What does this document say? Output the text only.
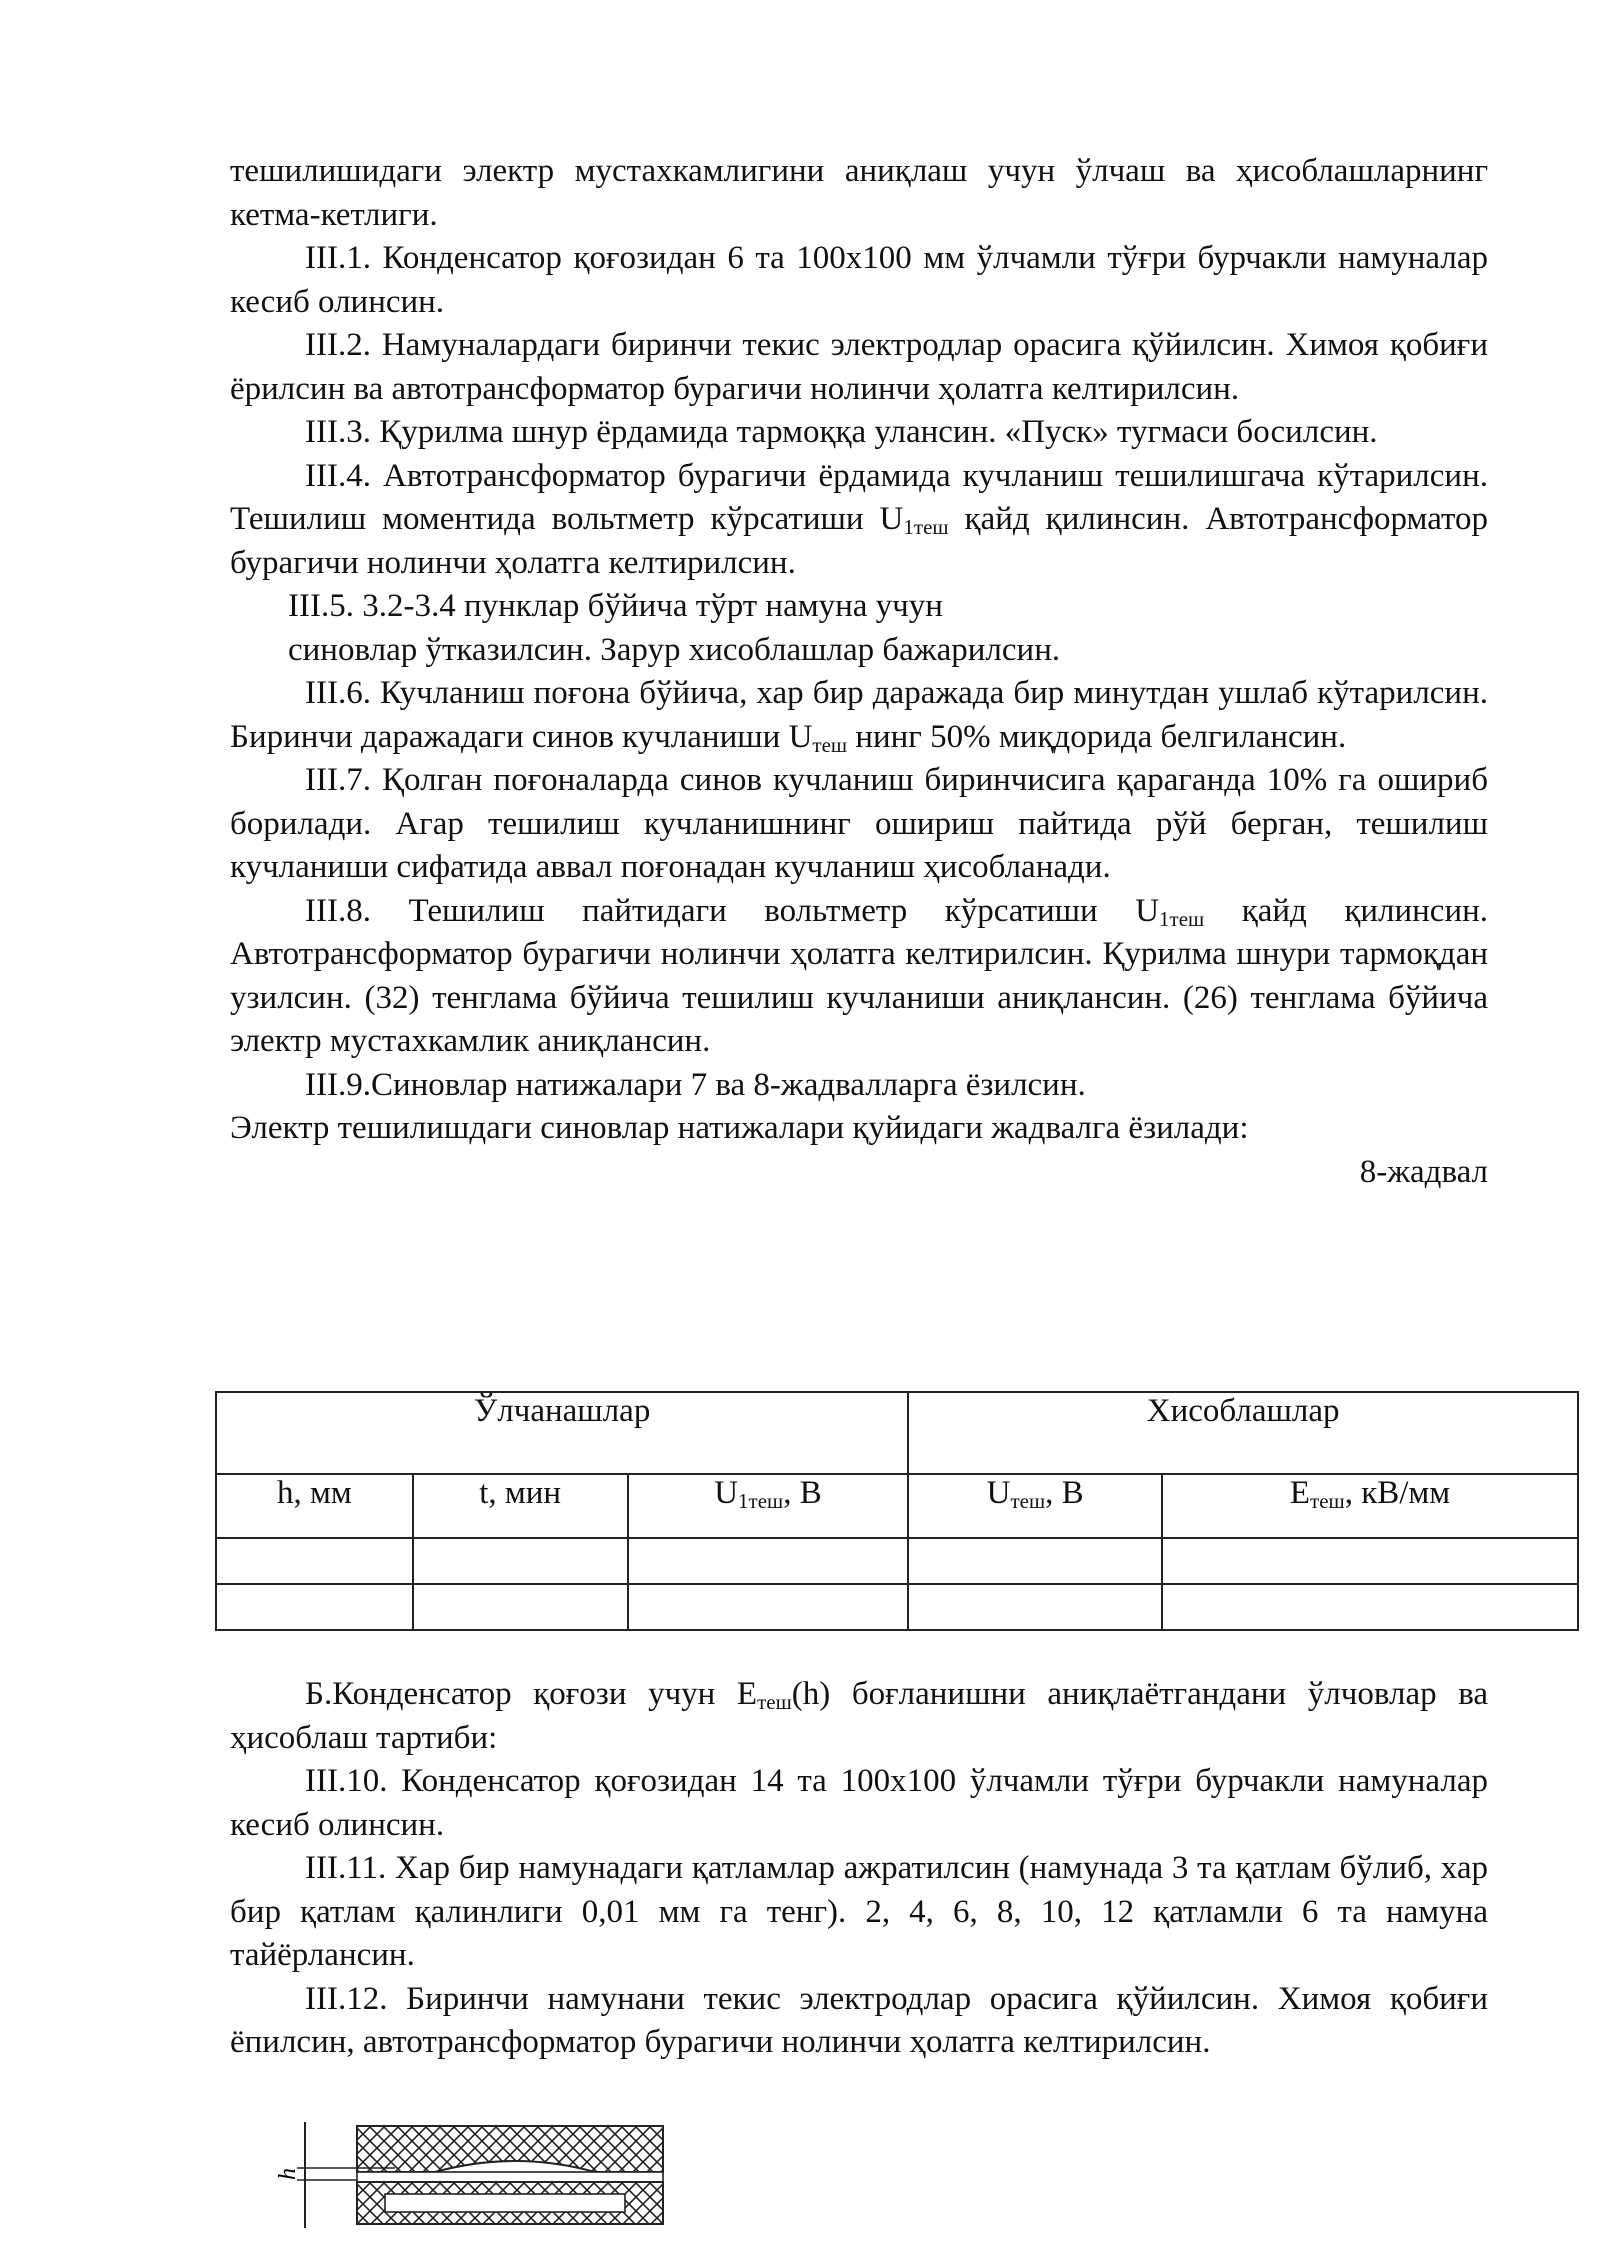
тешилишидаги электр мустахкамлигини аниқлаш учун ўлчаш ва ҳисоблашларнинг кетма-кетлиги.

III.1. Конденсатор қоғозидан 6 та 100х100 мм ўлчамли тўғри бурчакли намуналар кесиб олинсин.

III.2. Намуналардаги биринчи текис электродлар орасига қўйилсин. Химоя қобиғи ёрилсин ва автотрансформатор бурагичи нолинчи ҳолатга келтирилсин.

III.3. Қурилма шнур ёрдамида тармоққа улансин. «Пуск» тугмаси босилсин.

III.4. Автотрансформатор бурагичи ёрдамида кучланиш тешилишгача кўтарилсин. Тешилиш моментида вольтметр кўрсатиши $U_{1теш}$ қайд қилинсин. Автотрансформатор бурагичи нолинчи ҳолатга келтирилсин.

III.5. 3.2-3.4 пунклар бўйича тўрт намуна учун

синовлар ўтказилсин. Зарур хисоблашлар бажарилсин.

III.6. Кучланиш поғона бўйича, хар бир даражада бир минутдан ушлаб кўтарилсин. Биринчи даражадаги синов кучланиши $U_{теш}$ нинг 50% миқдорида белгилансин.

III.7. Қолган поғоналарда синов кучланиш биринчисига қараганда 10% га ошириб борилади. Агар тешилиш кучланишнинг ошириш пайтида рўй берган, тешилиш кучланиши сифатида аввал поғонадан кучланиш ҳисобланади.

III.8. Тешилиш пайтидаги вольтметр кўрсатиши $U_{1теш}$ қайд қилинсин. Автотрансформатор бурагичи нолинчи ҳолатга келтирилсин. Қурилма шнури тармоқдан узилсин. (32) тенглама бўйича тешилиш кучланиши аниқлансин. (26) тенглама бўйича электр мустахкамлик аниқлансин.

III.9.Синовлар натижалари 7 ва 8-жадвалларга ёзилсин.

Электр тешилишдаги синовлар натижалари қуйидаги жадвалга ёзилади:

8-жадвал

Ўлчанашлар			Хисоблашлар	
h, мм	t, мин	$U_{1теш}$, В	$U_{теш}$, В	$Е_{теш}$, кВ/мм

Б.Конденсатор қоғози учун $Е_{теш}(h)$ боғланишни аниқлаётгандани ўлчовлар ва ҳисоблаш тартиби:

III.10. Конденсатор қоғозидан 14 та 100х100 ўлчамли тўғри бурчакли намуналар кесиб олинсин.

III.11. Хар бир намунадаги қатламлар ажратилсин (намунада 3 та қатлам бўлиб, хар бир қатлам қалинлиги 0,01 мм га тенг). 2, 4, 6, 8, 10, 12 қатламли 6 та намуна тайёрлансин.

III.12. Биринчи намунани текис электродлар орасига қўйилсин. Химоя қобиғи ёпилсин, автотрансформатор бурагичи нолинчи ҳолатга келтирилсин.

h
